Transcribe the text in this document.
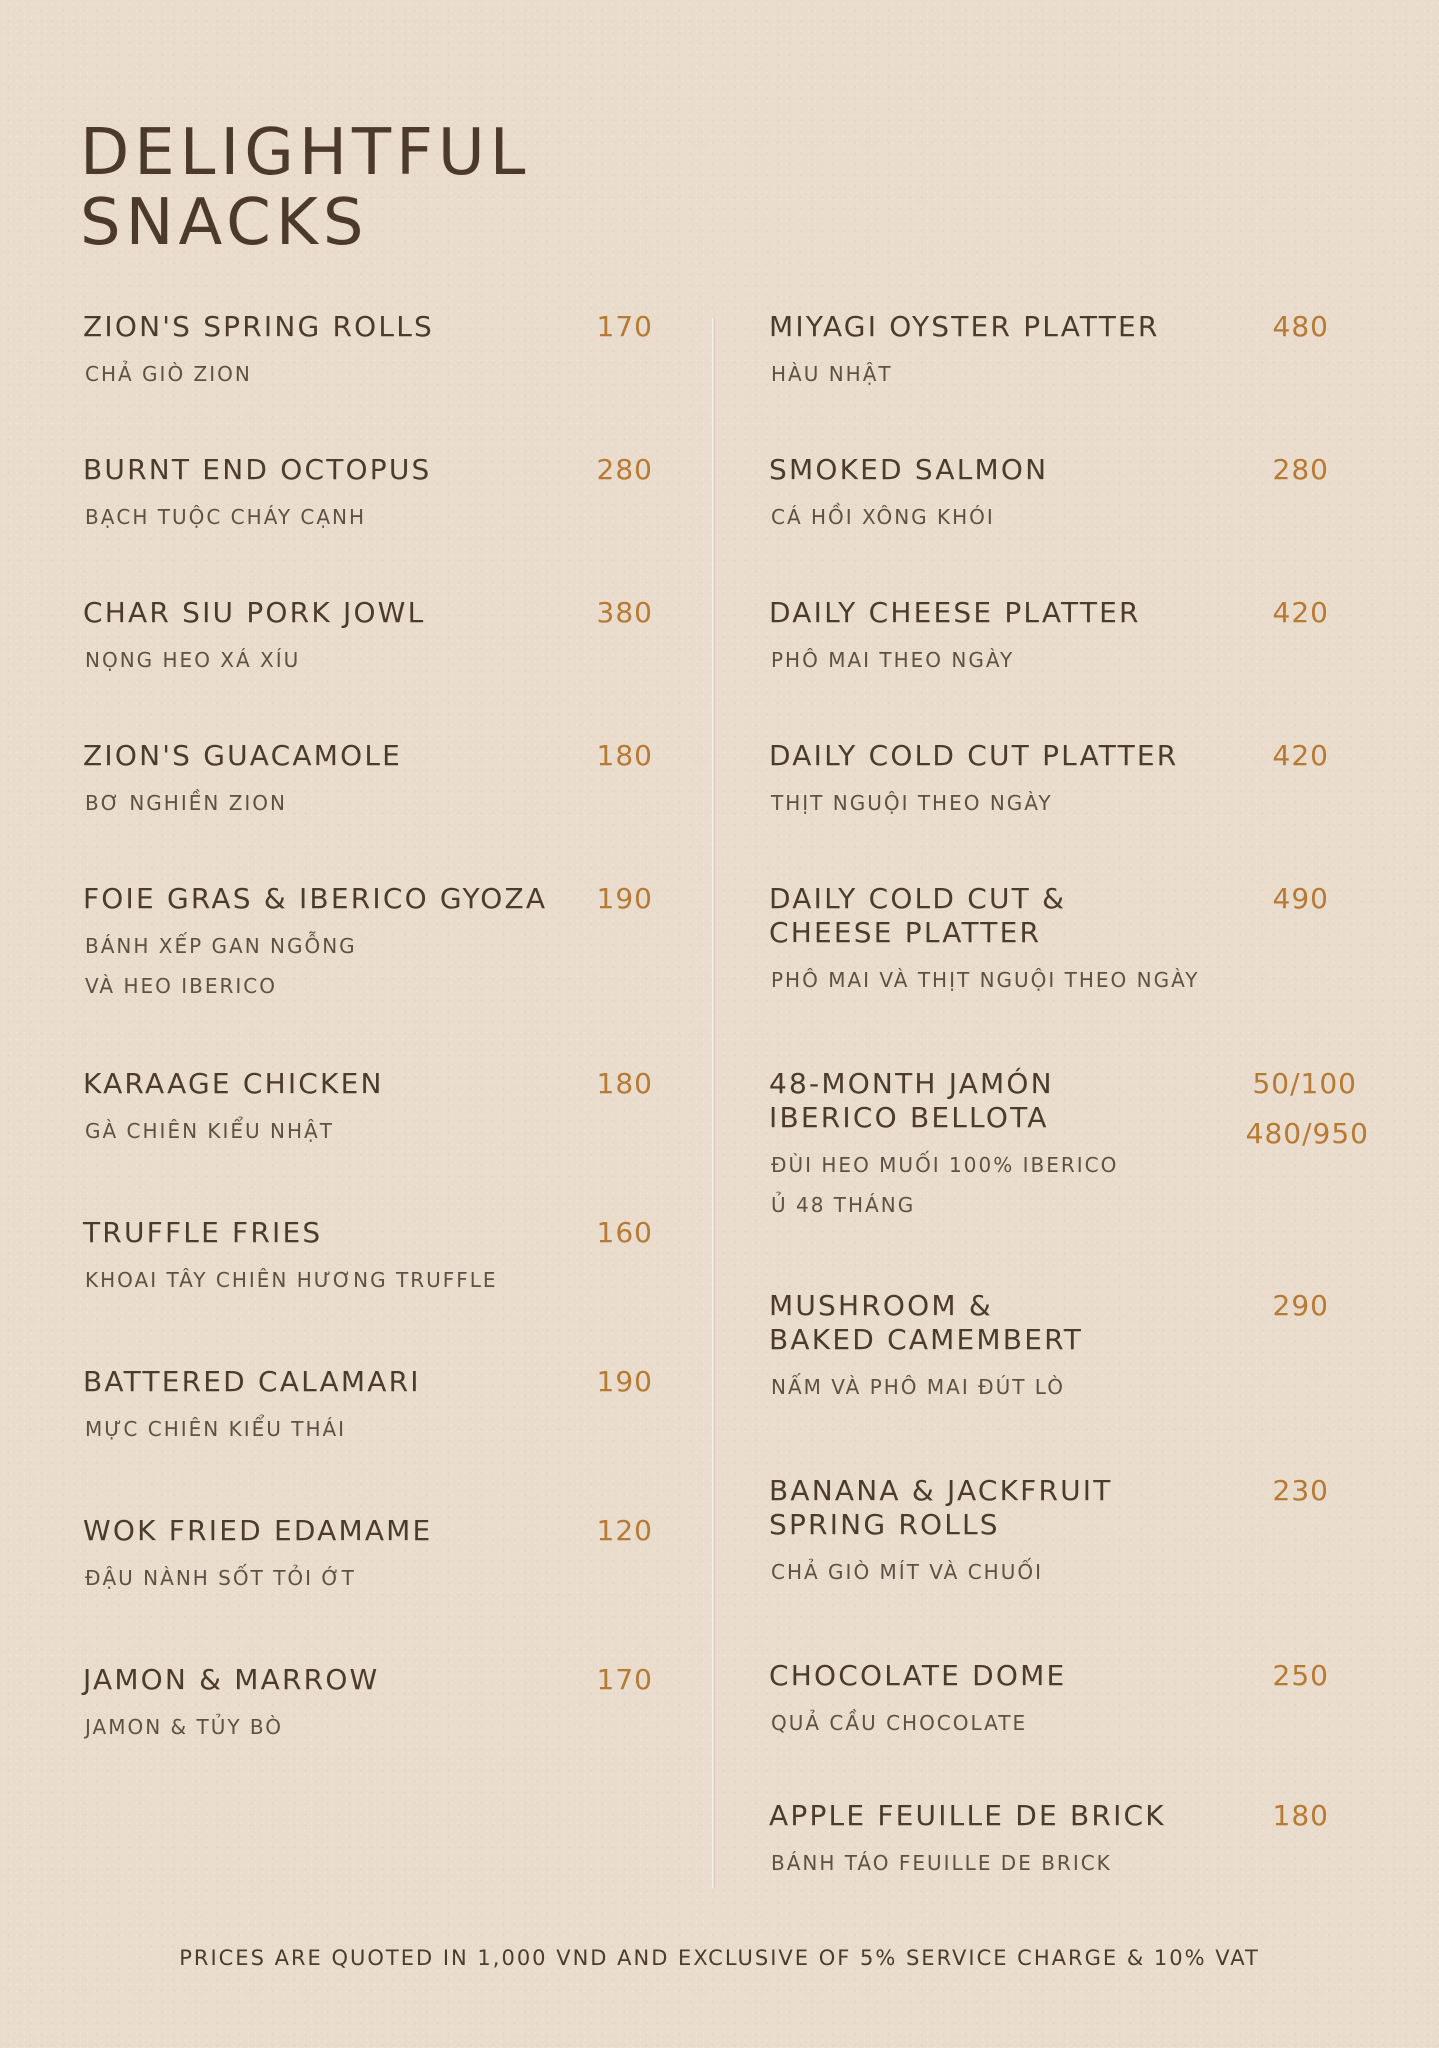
DELIGHTFUL
SNACKS
ZION'S SPRING ROLLS	170
CHẢ GIÒ ZION
BURNT END OCTOPUS	280
BẠCH TUỘC CHÁY CẠNH
CHAR SIU PORK JOWL	380
NỌNG HEO XÁ XÍU
ZION'S GUACAMOLE	180
BƠ NGHIỀN ZION
FOIE GRAS & IBERICO GYOZA	190
BÁNH XẾP GAN NGỖNG
VÀ HEO IBERICO
KARAAGE CHICKEN	180
GÀ CHIÊN KIỂU NHẬT
TRUFFLE FRIES	160
KHOAI TÂY CHIÊN HƯƠNG TRUFFLE
BATTERED CALAMARI	190
MỰC CHIÊN KIỂU THÁI
WOK FRIED EDAMAME	120
ĐẬU NÀNH SỐT TỎI ỚT
JAMON & MARROW	170
JAMON & TỦY BÒ
MIYAGI OYSTER PLATTER	480
HÀU NHẬT
SMOKED SALMON	280
CÁ HỒI XÔNG KHÓI
DAILY CHEESE PLATTER	420
PHÔ MAI THEO NGÀY
DAILY COLD CUT PLATTER	420
THỊT NGUỘI THEO NGÀY
DAILY COLD CUT &
CHEESE PLATTER
490
PHÔ MAI VÀ THỊT NGUỘI THEO NGÀY
48-MONTH JAMÓN
IBERICO BELLOTA
50/100
480/950
ĐÙI HEO MUỐI 100% IBERICO
Ủ 48 THÁNG
MUSHROOM &
BAKED CAMEMBERT
290
NẤM VÀ PHÔ MAI ĐÚT LÒ
BANANA & JACKFRUIT
SPRING ROLLS
230
CHẢ GIÒ MÍT VÀ CHUỐI
CHOCOLATE DOME	250
QUẢ CẦU CHOCOLATE
APPLE FEUILLE DE BRICK	180
BÁNH TÁO FEUILLE DE BRICK
PRICES ARE QUOTED IN 1,000 VND AND EXCLUSIVE OF 5% SERVICE CHARGE & 10% VAT
